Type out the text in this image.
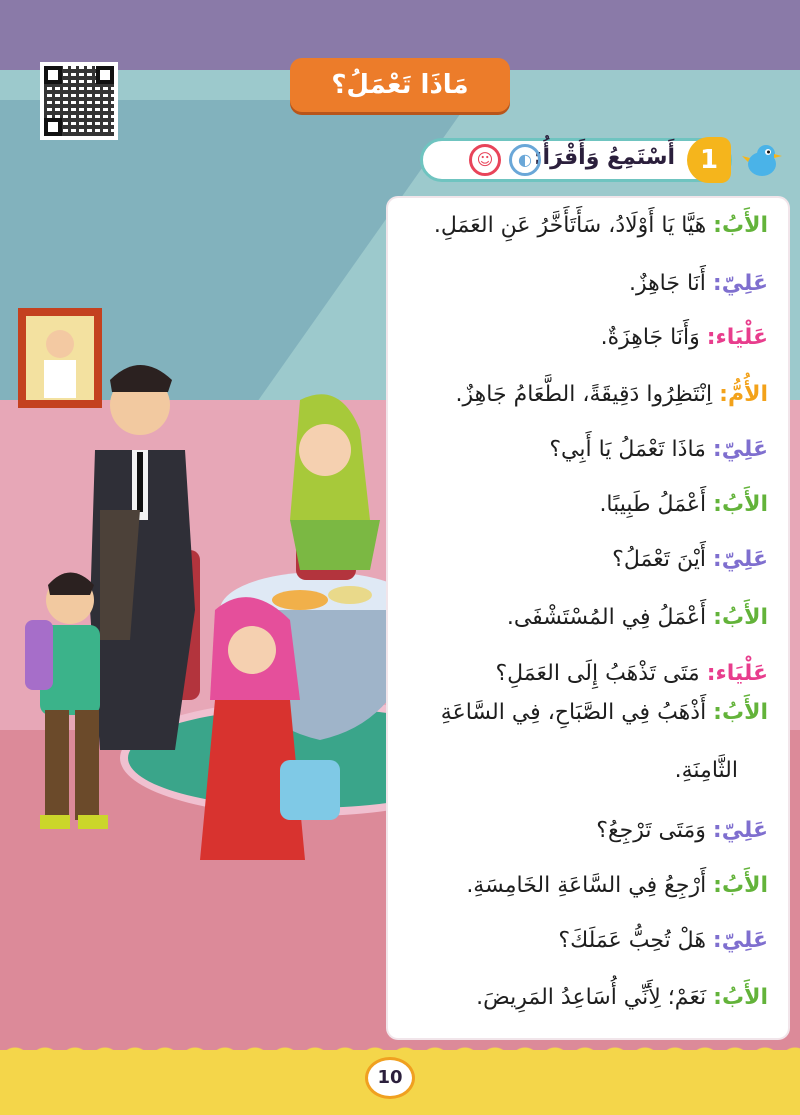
مَاذَا تَعْمَلُ؟
1
أَسْتَمِعُ وَأَقْرَأُ:
◐
☺
الأَبُ: هَيَّا يَا أَوْلَادُ، سَأَتَأَخَّرُ عَنِ العَمَلِ.
عَلِيّ: أَنَا جَاهِزٌ.
عَلْيَاء: وَأَنَا جَاهِزَةٌ.
الأُمُّ: اِنْتَظِرُوا دَقِيقَةً، الطَّعَامُ جَاهِزٌ.
عَلِيّ: مَاذَا تَعْمَلُ يَا أَبِي؟
الأَبُ: أَعْمَلُ طَبِيبًا.
عَلِيّ: أَيْنَ تَعْمَلُ؟
الأَبُ: أَعْمَلُ فِي المُسْتَشْفَى.
عَلْيَاء: مَتَى تَذْهَبُ إِلَى العَمَلِ؟
الأَبُ: أَذْهَبُ فِي الصَّبَاحِ، فِي السَّاعَةِ
الثَّامِنَةِ.
عَلِيّ: وَمَتَى تَرْجِعُ؟
الأَبُ: أَرْجِعُ فِي السَّاعَةِ الخَامِسَةِ.
عَلِيّ: هَلْ تُحِبُّ عَمَلَكَ؟
الأَبُ: نَعَمْ؛ لِأَنِّي أُسَاعِدُ المَرِيضَ.
10
